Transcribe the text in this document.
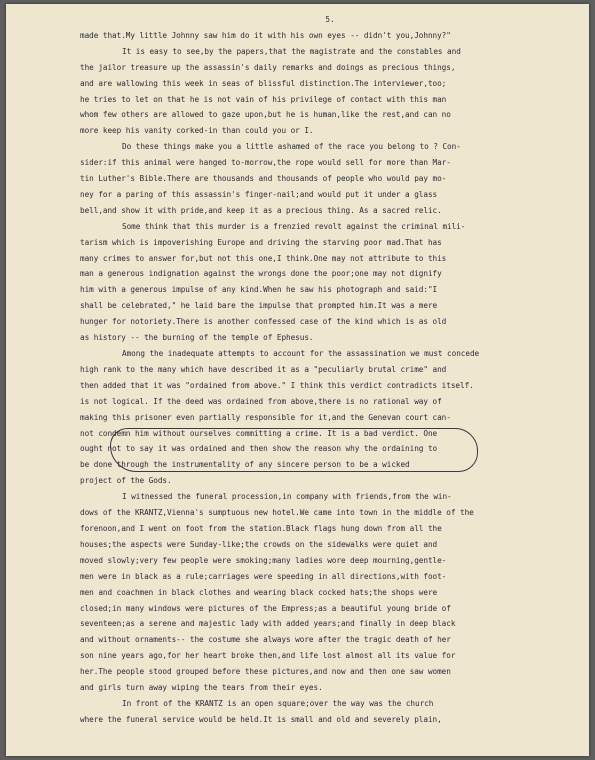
5.
made that.My little Johnny saw him do it with his own eyes -- didn't you,Johnny?"
It is easy to see,by the papers,that the magistrate and the constables and
the jailor treasure up the assassin's daily remarks and doings as precious things,
and are wallowing this week in seas of blissful distinction.The interviewer,too;
he tries to let on that he is not vain of his privilege of contact with this man
whom few others are allowed to gaze upon,but he is human,like the rest,and can no
more keep his vanity corked-in than could you or I.
Do these things make you a little ashamed of the race you belong to ? Con-
sider:if this animal were hanged to-morrow,the rope would sell for more than Mar-
tin Luther's Bible.There are thousands and thousands of people who would pay mo-
ney for a paring of this assassin's finger-nail;and would put it under a glass
bell,and show it with pride,and keep it as a precious thing. As a sacred relic.
Some think that this murder is a frenzied revolt against the criminal mili-
tarism which is impoverishing Europe and driving the starving poor mad.That has
many crimes to answer for,but not this one,I think.One may not attribute to this
man a generous indignation against the wrongs done the poor;one may not dignify
him with a generous impulse of any kind.When he saw his photograph and said:"I
shall be celebrated," he laid bare the impulse that prompted him.It was a mere
hunger for notoriety.There is another confessed case of the kind which is as old
as history -- the burning of the temple of Ephesus.
Among the inadequate attempts to account for the assassination we must concede
high rank to the many which have described it as a "peculiarly brutal crime" and
then added that it was "ordained from above." I think this verdict contradicts itself.
is not logical. If the deed was ordained from above,there is no rational way of
making this prisoner even partially responsible for it,and the Genevan court can-
not condemn him without ourselves committing a crime. It is a bad verdict. One
ought not to say it was ordained and then show the reason why the ordaining to
be done through the instrumentality of any sincere person to be a wicked
project of the Gods.
I witnessed the funeral procession,in company with friends,from the win-
dows of the KRANTZ,Vienna's sumptuous new hotel.We came into town in the middle of the
forenoon,and I went on foot from the station.Black flags hung down from all the
houses;the aspects were Sunday-like;the crowds on the sidewalks were quiet and
moved slowly;very few people were smoking;many ladies wore deep mourning,gentle-
men were in black as a rule;carriages were speeding in all directions,with foot-
men and coachmen in black clothes and wearing black cocked hats;the shops were
closed;in many windows were pictures of the Empress;as a beautiful young bride of
seventeen;as a serene and majestic lady with added years;and finally in deep black
and without ornaments-- the costume she always wore after the tragic death of her
son nine years ago,for her heart broke then,and life lost almost all its value for
her.The people stood grouped before these pictures,and now and then one saw women
and girls turn away wiping the tears from their eyes.
In front of the KRANTZ is an open square;over the way was the church
where the funeral service would be held.It is small and old and severely plain,
